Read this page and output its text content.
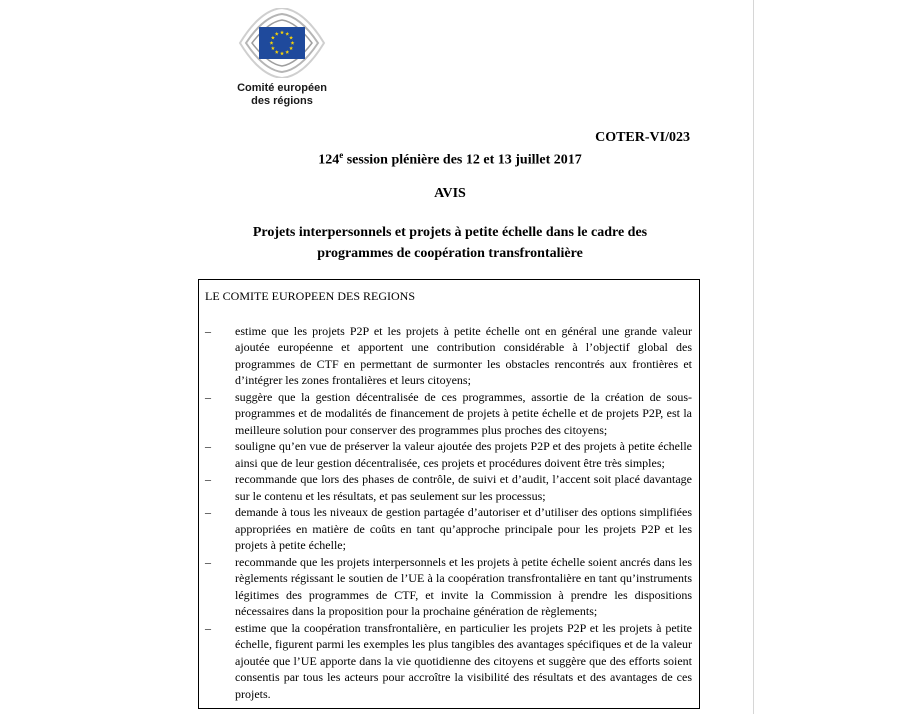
Comité européen
des régions
COTER-VI/023
124e session plénière des 12 et 13 juillet 2017
AVIS
Projets interpersonnels et projets à petite échelle dans le cadre des
programmes de coopération transfrontalière
LE COMITE EUROPEEN DES REGIONS
–	estime que les projets P2P et les projets à petite échelle ont en général une grande valeur ajoutée européenne et apportent une contribution considérable à l’objectif global des programmes de CTF en permettant de surmonter les obstacles rencontrés aux frontières et d’intégrer les zones frontalières et leurs citoyens;
–	suggère que la gestion décentralisée de ces programmes, assortie de la création de sous-programmes et de modalités de financement de projets à petite échelle et de projets P2P, est la meilleure solution pour conserver des programmes plus proches des citoyens;
–	souligne qu’en vue de préserver la valeur ajoutée des projets P2P et des projets à petite échelle ainsi que de leur gestion décentralisée, ces projets et procédures doivent être très simples;
–	recommande que lors des phases de contrôle, de suivi et d’audit, l’accent soit placé davantage sur le contenu et les résultats, et pas seulement sur les processus;
–	demande à tous les niveaux de gestion partagée d’autoriser et d’utiliser des options simplifiées appropriées en matière de coûts en tant qu’approche principale pour les projets P2P et les projets à petite échelle;
–	recommande que les projets interpersonnels et les projets à petite échelle soient ancrés dans les règlements régissant le soutien de l’UE à la coopération transfrontalière en tant qu’instruments légitimes des programmes de CTF, et invite la Commission à prendre les dispositions nécessaires dans la proposition pour la prochaine génération de règlements;
–	estime que la coopération transfrontalière, en particulier les projets P2P et les projets à petite échelle, figurent parmi les exemples les plus tangibles des avantages spécifiques et de la valeur ajoutée que l’UE apporte dans la vie quotidienne des citoyens et suggère que des efforts soient consentis par tous les acteurs pour accroître la visibilité des résultats et des avantages de ces projets.
